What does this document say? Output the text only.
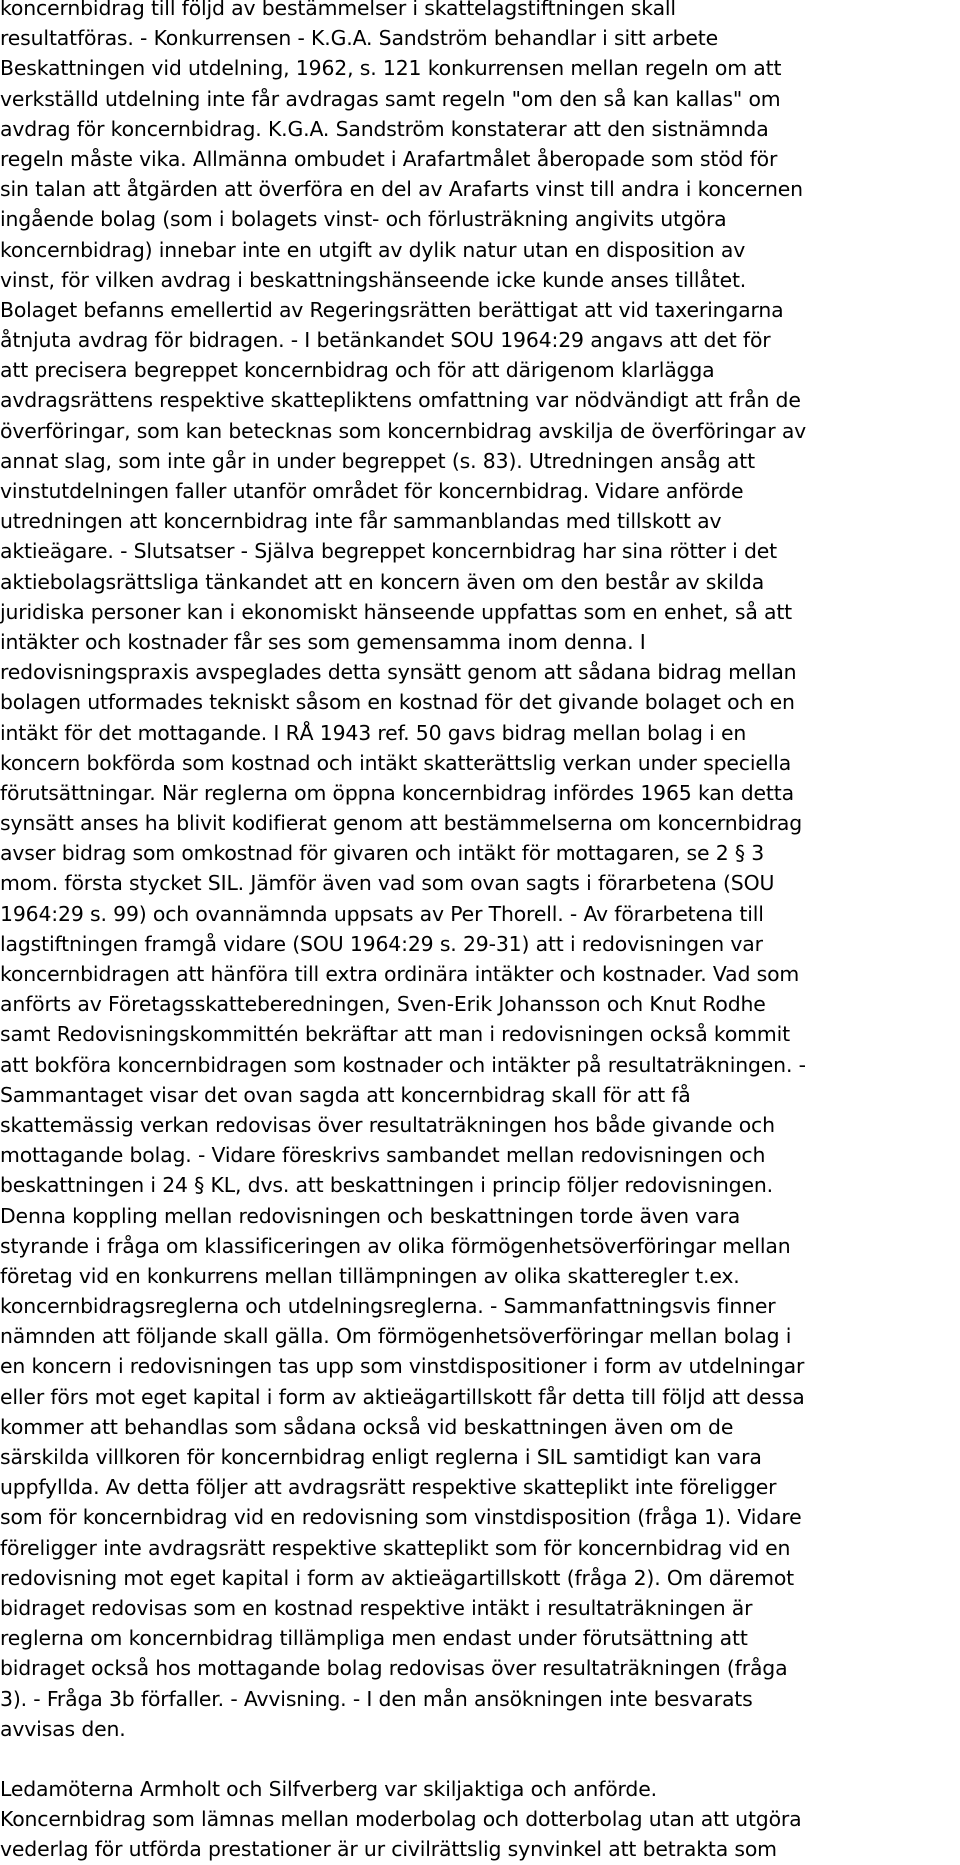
koncernbidrag till följd av bestämmelser i skattelagstiftningen skall
resultatföras. - Konkurrensen - K.G.A. Sandström behandlar i sitt arbete
Beskattningen vid utdelning, 1962, s. 121 konkurrensen mellan regeln om att
verkställd utdelning inte får avdragas samt regeln "om den så kan kallas" om
avdrag för koncernbidrag. K.G.A. Sandström konstaterar att den sistnämnda
regeln måste vika. Allmänna ombudet i Arafartmålet åberopade som stöd för
sin talan att åtgärden att överföra en del av Arafarts vinst till andra i koncernen
ingående bolag (som i bolagets vinst- och förlusträkning angivits utgöra
koncernbidrag) innebar inte en utgift av dylik natur utan en disposition av
vinst, för vilken avdrag i beskattningshänseende icke kunde anses tillåtet.
Bolaget befanns emellertid av Regeringsrätten berättigat att vid taxeringarna
åtnjuta avdrag för bidragen. - I betänkandet SOU 1964:29 angavs att det för
att precisera begreppet koncernbidrag och för att därigenom klarlägga
avdragsrättens respektive skattepliktens omfattning var nödvändigt att från de
överföringar, som kan betecknas som koncernbidrag avskilja de överföringar av
annat slag, som inte går in under begreppet (s. 83). Utredningen ansåg att
vinstutdelningen faller utanför området för koncernbidrag. Vidare anförde
utredningen att koncernbidrag inte får sammanblandas med tillskott av
aktieägare. - Slutsatser - Själva begreppet koncernbidrag har sina rötter i det
aktiebolagsrättsliga tänkandet att en koncern även om den består av skilda
juridiska personer kan i ekonomiskt hänseende uppfattas som en enhet, så att
intäkter och kostnader får ses som gemensamma inom denna. I
redovisningspraxis avspeglades detta synsätt genom att sådana bidrag mellan
bolagen utformades tekniskt såsom en kostnad för det givande bolaget och en
intäkt för det mottagande. I RÅ 1943 ref. 50 gavs bidrag mellan bolag i en
koncern bokförda som kostnad och intäkt skatterättslig verkan under speciella
förutsättningar. När reglerna om öppna koncernbidrag infördes 1965 kan detta
synsätt anses ha blivit kodifierat genom att bestämmelserna om koncernbidrag
avser bidrag som omkostnad för givaren och intäkt för mottagaren, se 2 § 3
mom. första stycket SIL. Jämför även vad som ovan sagts i förarbetena (SOU
1964:29 s. 99) och ovannämnda uppsats av Per Thorell. - Av förarbetena till
lagstiftningen framgå vidare (SOU 1964:29 s. 29-31) att i redovisningen var
koncernbidragen att hänföra till extra ordinära intäkter och kostnader. Vad som
anförts av Företagsskatteberedningen, Sven-Erik Johansson och Knut Rodhe
samt Redovisningskommittén bekräftar att man i redovisningen också kommit
att bokföra koncernbidragen som kostnader och intäkter på resultaträkningen. -
Sammantaget visar det ovan sagda att koncernbidrag skall för att få
skattemässig verkan redovisas över resultaträkningen hos både givande och
mottagande bolag. - Vidare föreskrivs sambandet mellan redovisningen och
beskattningen i 24 § KL, dvs. att beskattningen i princip följer redovisningen.
Denna koppling mellan redovisningen och beskattningen torde även vara
styrande i fråga om klassificeringen av olika förmögenhetsöverföringar mellan
företag vid en konkurrens mellan tillämpningen av olika skatteregler t.ex.
koncernbidragsreglerna och utdelningsreglerna. - Sammanfattningsvis finner
nämnden att följande skall gälla. Om förmögenhetsöverföringar mellan bolag i
en koncern i redovisningen tas upp som vinstdispositioner i form av utdelningar
eller förs mot eget kapital i form av aktieägartillskott får detta till följd att dessa
kommer att behandlas som sådana också vid beskattningen även om de
särskilda villkoren för koncernbidrag enligt reglerna i SIL samtidigt kan vara
uppfyllda. Av detta följer att avdragsrätt respektive skatteplikt inte föreligger
som för koncernbidrag vid en redovisning som vinstdisposition (fråga 1). Vidare
föreligger inte avdragsrätt respektive skatteplikt som för koncernbidrag vid en
redovisning mot eget kapital i form av aktieägartillskott (fråga 2). Om däremot
bidraget redovisas som en kostnad respektive intäkt i resultaträkningen är
reglerna om koncernbidrag tillämpliga men endast under förutsättning att
bidraget också hos mottagande bolag redovisas över resultaträkningen (fråga
3). - Fråga 3b förfaller. - Avvisning. - I den mån ansökningen inte besvarats
avvisas den.
Ledamöterna Armholt och Silfverberg var skiljaktiga och anförde.
Koncernbidrag som lämnas mellan moderbolag och dotterbolag utan att utgöra
vederlag för utförda prestationer är ur civilrättslig synvinkel att betrakta som
